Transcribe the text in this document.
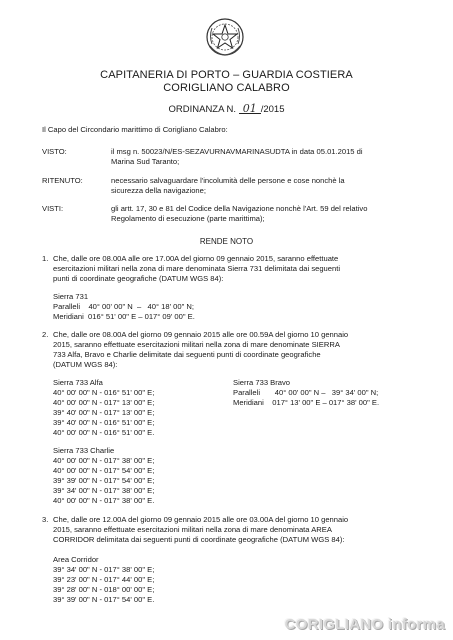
CAPITANERIA DI PORTO – GUARDIA COSTIERA
CORIGLIANO CALABRO
ORDINANZA N. 01 /2015
Il Capo del Circondario marittimo di Corigliano Calabro:
VISTO:	il msg n. 50023/N/ES-SEZAVURNAVMARINASUDTA in data 05.01.2015 di
Marina Sud Taranto;
RITENUTO:	necessario salvaguardare l'incolumità delle persone e cose nonchè la
sicurezza della navigazione;
VISTI:	gli artt. 17, 30 e 81 del Codice della Navigazione nonchè l'Art. 59 del relativo
Regolamento di esecuzione (parte marittima);
RENDE NOTO
1. Che, dalle ore 08.00A alle ore 17.00A del giorno 09 gennaio 2015, saranno effettuate
esercitazioni militari nella zona di mare denominata Sierra 731 delimitata dai seguenti
punti di coordinate geografiche (DATUM WGS 84):
Sierra 731
Paralleli    40° 00' 00" N  –   40° 18' 00" N;
Meridiani  016° 51' 00" E – 017° 09' 00" E.
2. Che, dalle ore 08.00A del giorno 09 gennaio 2015 alle ore 00.59A del giorno 10 gennaio
2015, saranno effettuate esercitazioni militari nella zona di mare denominate SIERRA
733 Alfa, Bravo e Charlie delimitate dai seguenti punti di coordinate geografiche
(DATUM WGS 84):
Sierra 733 Alfa
40° 00' 00" N - 016° 51' 00" E;
40° 00' 00" N - 017° 13' 00" E;
39° 40' 00" N - 017° 13' 00" E;
39° 40' 00" N - 016° 51' 00" E;
40° 00' 00" N - 016° 51' 00" E.
Sierra 733 Bravo
Paralleli       40° 00' 00" N –   39° 34' 00" N;
Meridiani    017° 13' 00" E – 017° 38' 00" E.
Sierra 733 Charlie
40° 00' 00" N - 017° 38' 00" E;
40° 00' 00" N - 017° 54' 00" E;
39° 39' 00" N - 017° 54' 00" E;
39° 34' 00" N - 017° 38' 00" E;
40° 00' 00" N - 017° 38' 00" E.
3. Che, dalle ore 12.00A del giorno 09 gennaio 2015 alle ore 03.00A del giorno 10 gennaio
2015, saranno effettuate esercitazioni militari nella zona di mare denominata AREA
CORRIDOR delimitata dai seguenti punti di coordinate geografiche (DATUM WGS 84):
Area Corridor
39° 34' 00" N - 017° 38' 00" E;
39° 23' 00" N - 017° 44' 00" E;
39° 28' 00" N - 018° 00' 00" E;
39° 39' 00" N - 017° 54' 00" E.
CORIGLIANO informa
